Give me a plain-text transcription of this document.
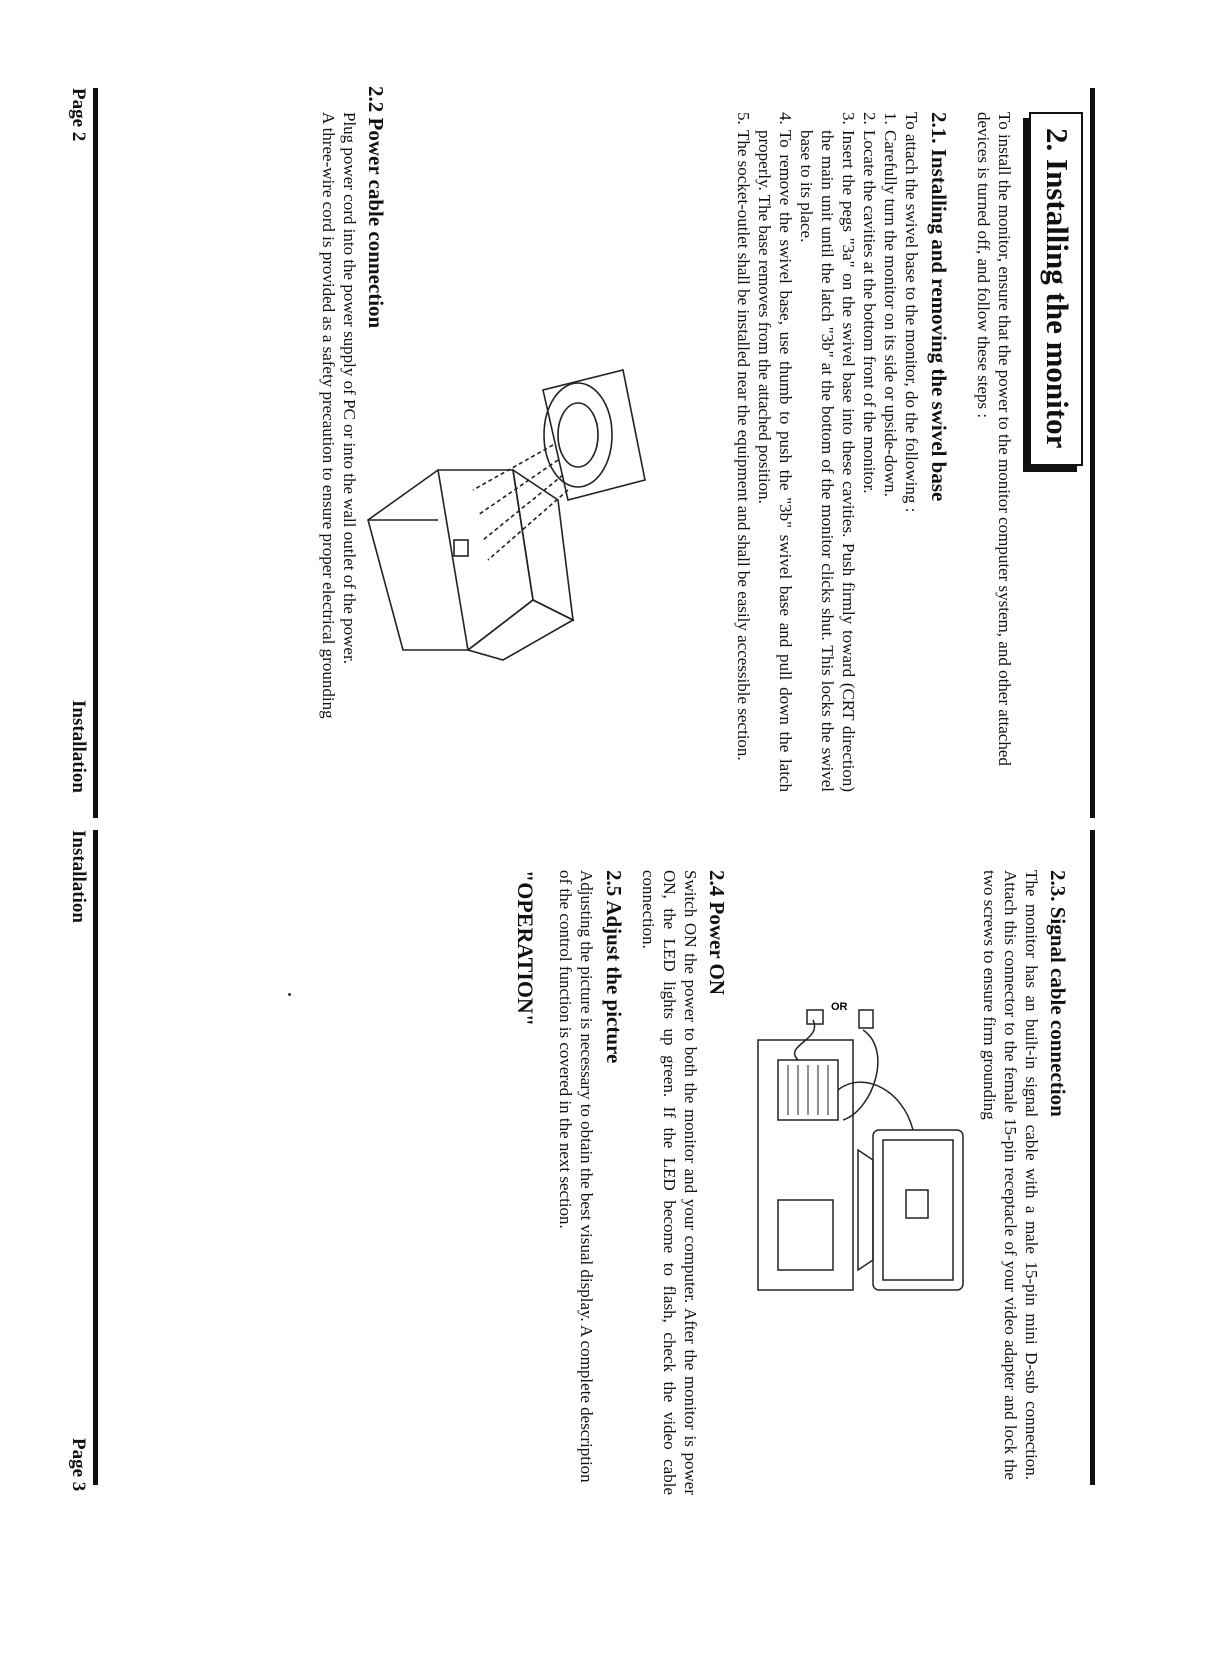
2. Installing the monitor
To install the monitor, ensure that the power to the monitor computer system, and other attached devices is turned off, and follow these steps :
2.1. Installing and removing the swivel base
To attach the swivel base to the monitor, do the following :
1.
Carefully turn the monitor on its side or upside-down.
2.
Locate the cavities at the bottom front of the monitor.
3.
Insert the pegs "3a" on the swivel base into these cavities. Push firmly toward (CRT direction) the main unit until the latch "3b" at the bottom of the monitor clicks shut. This locks the swivel base to its place.
4.
To remove the swivel base, use thumb to push the "3b" swivel base and pull down the latch properly. The base removes from the attached position.
5.
The socket-outlet shall be installed near the equipment and shall be easily accessible section.
2.2 Power cable connection
Plug power cord into the power supply of PC or into the wall outlet of the power.
A three-wire cord is provided as a safety precaution to ensure proper electrical grounding
Page 2
Installation
2.3. Signal cable connection
The monitor has an built-in signal cable with a male 15-pin mini D-sub connection. Attach this connector to the female 15-pin receptacle of your video adapter and lock the two screws to ensure firm grounding
OR
2.4 Power ON
Switch ON the power to both the monitor and your computer. After the monitor is power ON, the LED lights up green. If the LED become to flash, check the video cable connection.
2.5 Adjust the picture
Adjusting the picture is necessary to obtain the best visual display. A complete description of the control function is covered in the next section.
"OPERATION"
Installation
Page 3
